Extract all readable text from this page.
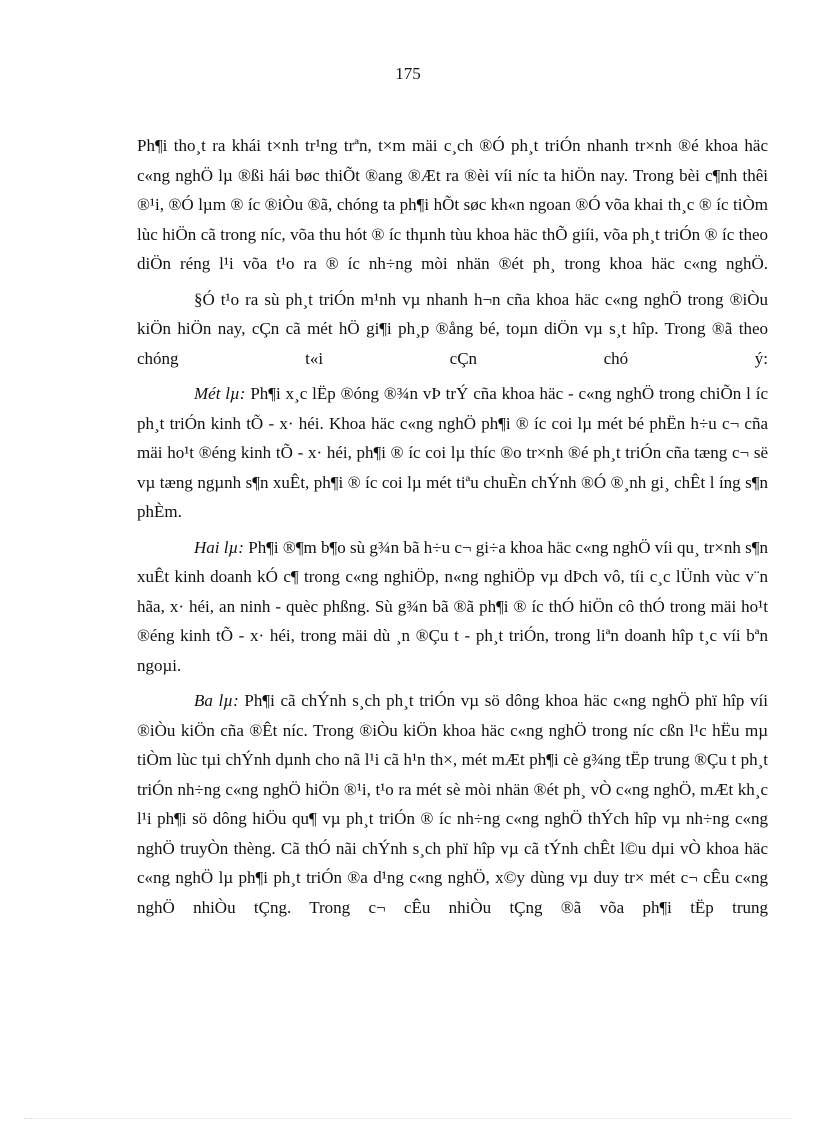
175

Ph¶i tho¸t ra khái t×nh tr¹ng trªn, t×m mäi c¸ch ®Ó ph¸t triÓn nhanh tr×nh ®é khoa häc c«ng nghÖ lµ ®ßi hái bøc thiÕt ®ang ®Æt ra ®èi víi níc ta hiÖn nay. Trong bèi c¶nh thêi ®¹i, ®Ó lµm ® íc ®iÒu ®ã, chóng ta ph¶i hÕt søc kh«n ngoan ®Ó võa khai th¸c ® íc tiÒm lùc hiÖn cã trong níc, võa thu hót ® íc thµnh tùu khoa häc thÕ giíi, võa ph¸t triÓn ® íc theo diÖn réng l¹i võa t¹o ra ® íc nh÷ng mòi nhän ®ét ph¸ trong khoa häc c«ng nghÖ.

§Ó t¹o ra sù ph¸t triÓn m¹nh vµ nhanh h¬n cña khoa häc c«ng nghÖ trong ®iÒu kiÖn hiÖn nay, cÇn cã mét hÖ gi¶i ph¸p ®ång bé, toµn diÖn vµ s¸t hîp. Trong ®ã theo chóng t«i cÇn chó ý:

Mét lµ: Ph¶i x¸c lËp ®óng ®¾n vÞ trÝ cña khoa häc - c«ng nghÖ trong chiÕn l íc ph¸t triÓn kinh tÕ - x· héi. Khoa häc c«ng nghÖ ph¶i ® íc coi lµ mét bé phËn h÷u c¬ cña mäi ho¹t ®éng kinh tÕ - x· héi, ph¶i ® íc coi lµ thíc ®o tr×nh ®é ph¸t triÓn cña tæng c¬ së vµ tæng ngµnh s¶n xuÊt, ph¶i ® íc coi lµ mét tiªu chuÈn chÝnh ®Ó ®¸nh gi¸ chÊt l íng s¶n phÈm.

Hai lµ: Ph¶i ®¶m b¶o sù g¾n bã h÷u c¬ gi÷a khoa häc c«ng nghÖ víi qu¸ tr×nh s¶n xuÊt kinh doanh kÓ c¶ trong c«ng nghiÖp, n«ng nghiÖp vµ dÞch vô, tíi c¸c lÜnh vùc v¨n hãa, x· héi, an ninh - quèc phßng. Sù g¾n bã ®ã ph¶i ® íc thÓ hiÖn cô thÓ trong mäi ho¹t ®éng kinh tÕ - x· héi, trong mäi dù ¸n ®Çu t - ph¸t triÓn, trong liªn doanh hîp t¸c víi bªn ngoµi.

Ba lµ: Ph¶i cã chÝnh s¸ch ph¸t triÓn vµ sö dông khoa häc c«ng nghÖ phï hîp víi ®iÒu kiÖn cña ®Êt níc. Trong ®iÒu kiÖn khoa häc c«ng nghÖ trong níc cßn l¹c hËu mµ tiÒm lùc tµi chÝnh dµnh cho nã l¹i cã h¹n th×, mét mÆt ph¶i cè g¾ng tËp trung ®Çu t ph¸t triÓn nh÷ng c«ng nghÖ hiÖn ®¹i, t¹o ra mét sè mòi nhän ®ét ph¸ vÒ c«ng nghÖ, mÆt kh¸c l¹i ph¶i sö dông hiÖu qu¶ vµ ph¸t triÓn ® íc nh÷ng c«ng nghÖ thÝch hîp vµ nh÷ng c«ng nghÖ truyÒn thèng. Cã thÓ nãi chÝnh s¸ch phï hîp vµ cã tÝnh chÊt l©u dµi vÒ khoa häc c«ng nghÖ lµ ph¶i ph¸t triÓn ®a d¹ng c«ng nghÖ, x©y dùng vµ duy tr× mét c¬ cÊu c«ng nghÖ nhiÒu tÇng. Trong c¬ cÊu nhiÒu tÇng ®ã võa ph¶i tËp trung
